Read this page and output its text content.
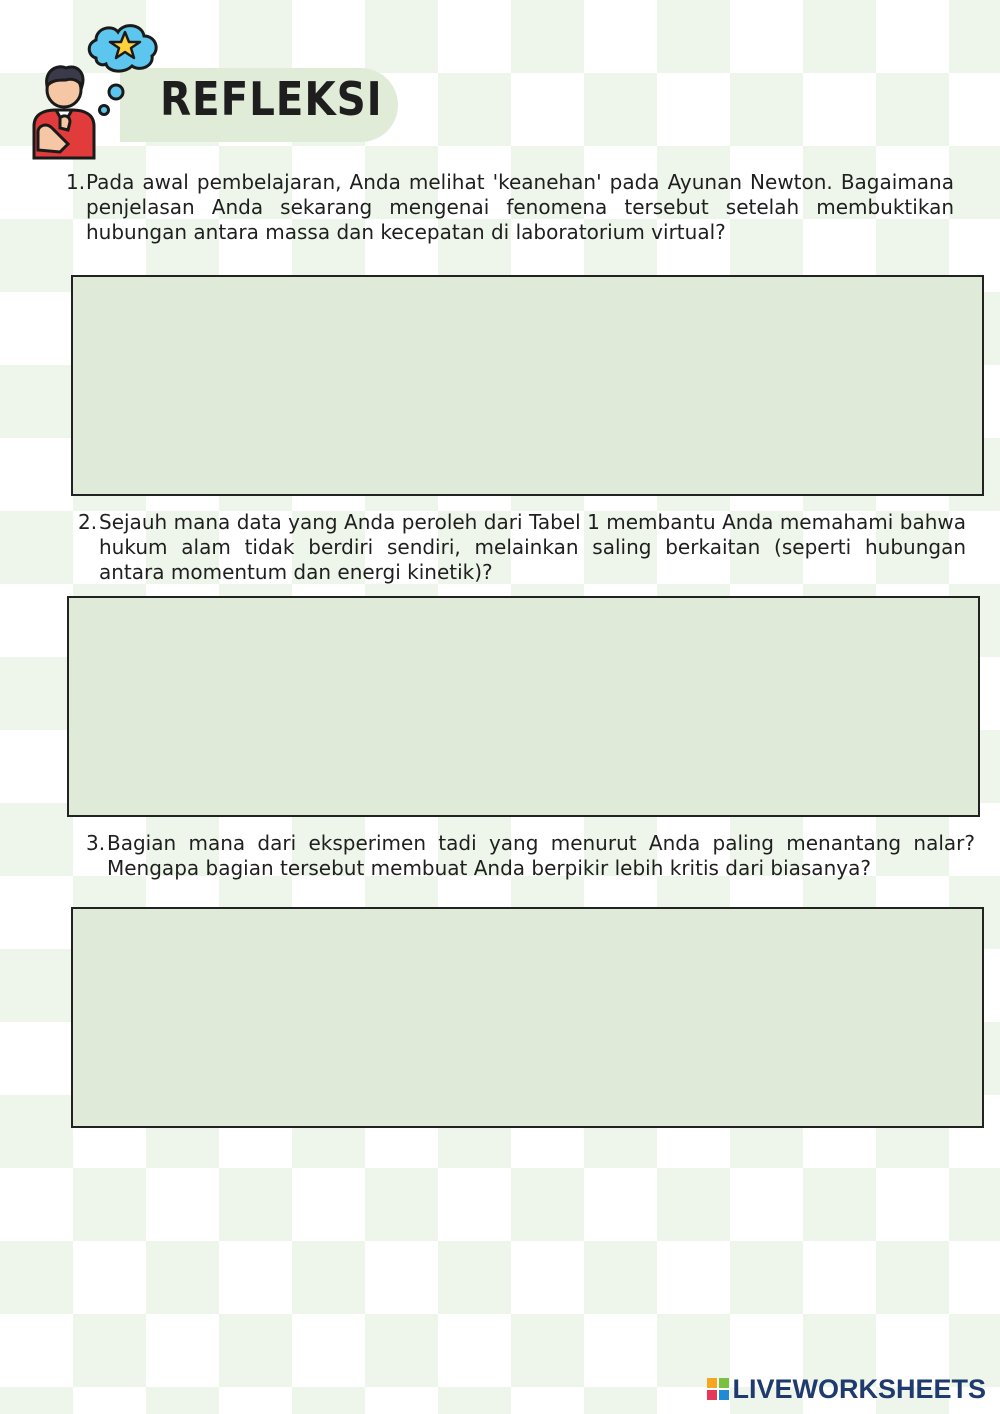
REFLEKSI
1. Pada awal pembelajaran, Anda melihat 'keanehan' pada Ayunan Newton. Bagaimana penjelasan Anda sekarang mengenai fenomena tersebut setelah membuktikan hubungan antara massa dan kecepatan di laboratorium virtual?
2. Sejauh mana data yang Anda peroleh dari Tabel 1 membantu Anda memahami bahwa hukum alam tidak berdiri sendiri, melainkan saling berkaitan (seperti hubungan antara momentum dan energi kinetik)?
3. Bagian mana dari eksperimen tadi yang menurut Anda paling menantang nalar? Mengapa bagian tersebut membuat Anda berpikir lebih kritis dari biasanya?
LIVEWORKSHEETS
